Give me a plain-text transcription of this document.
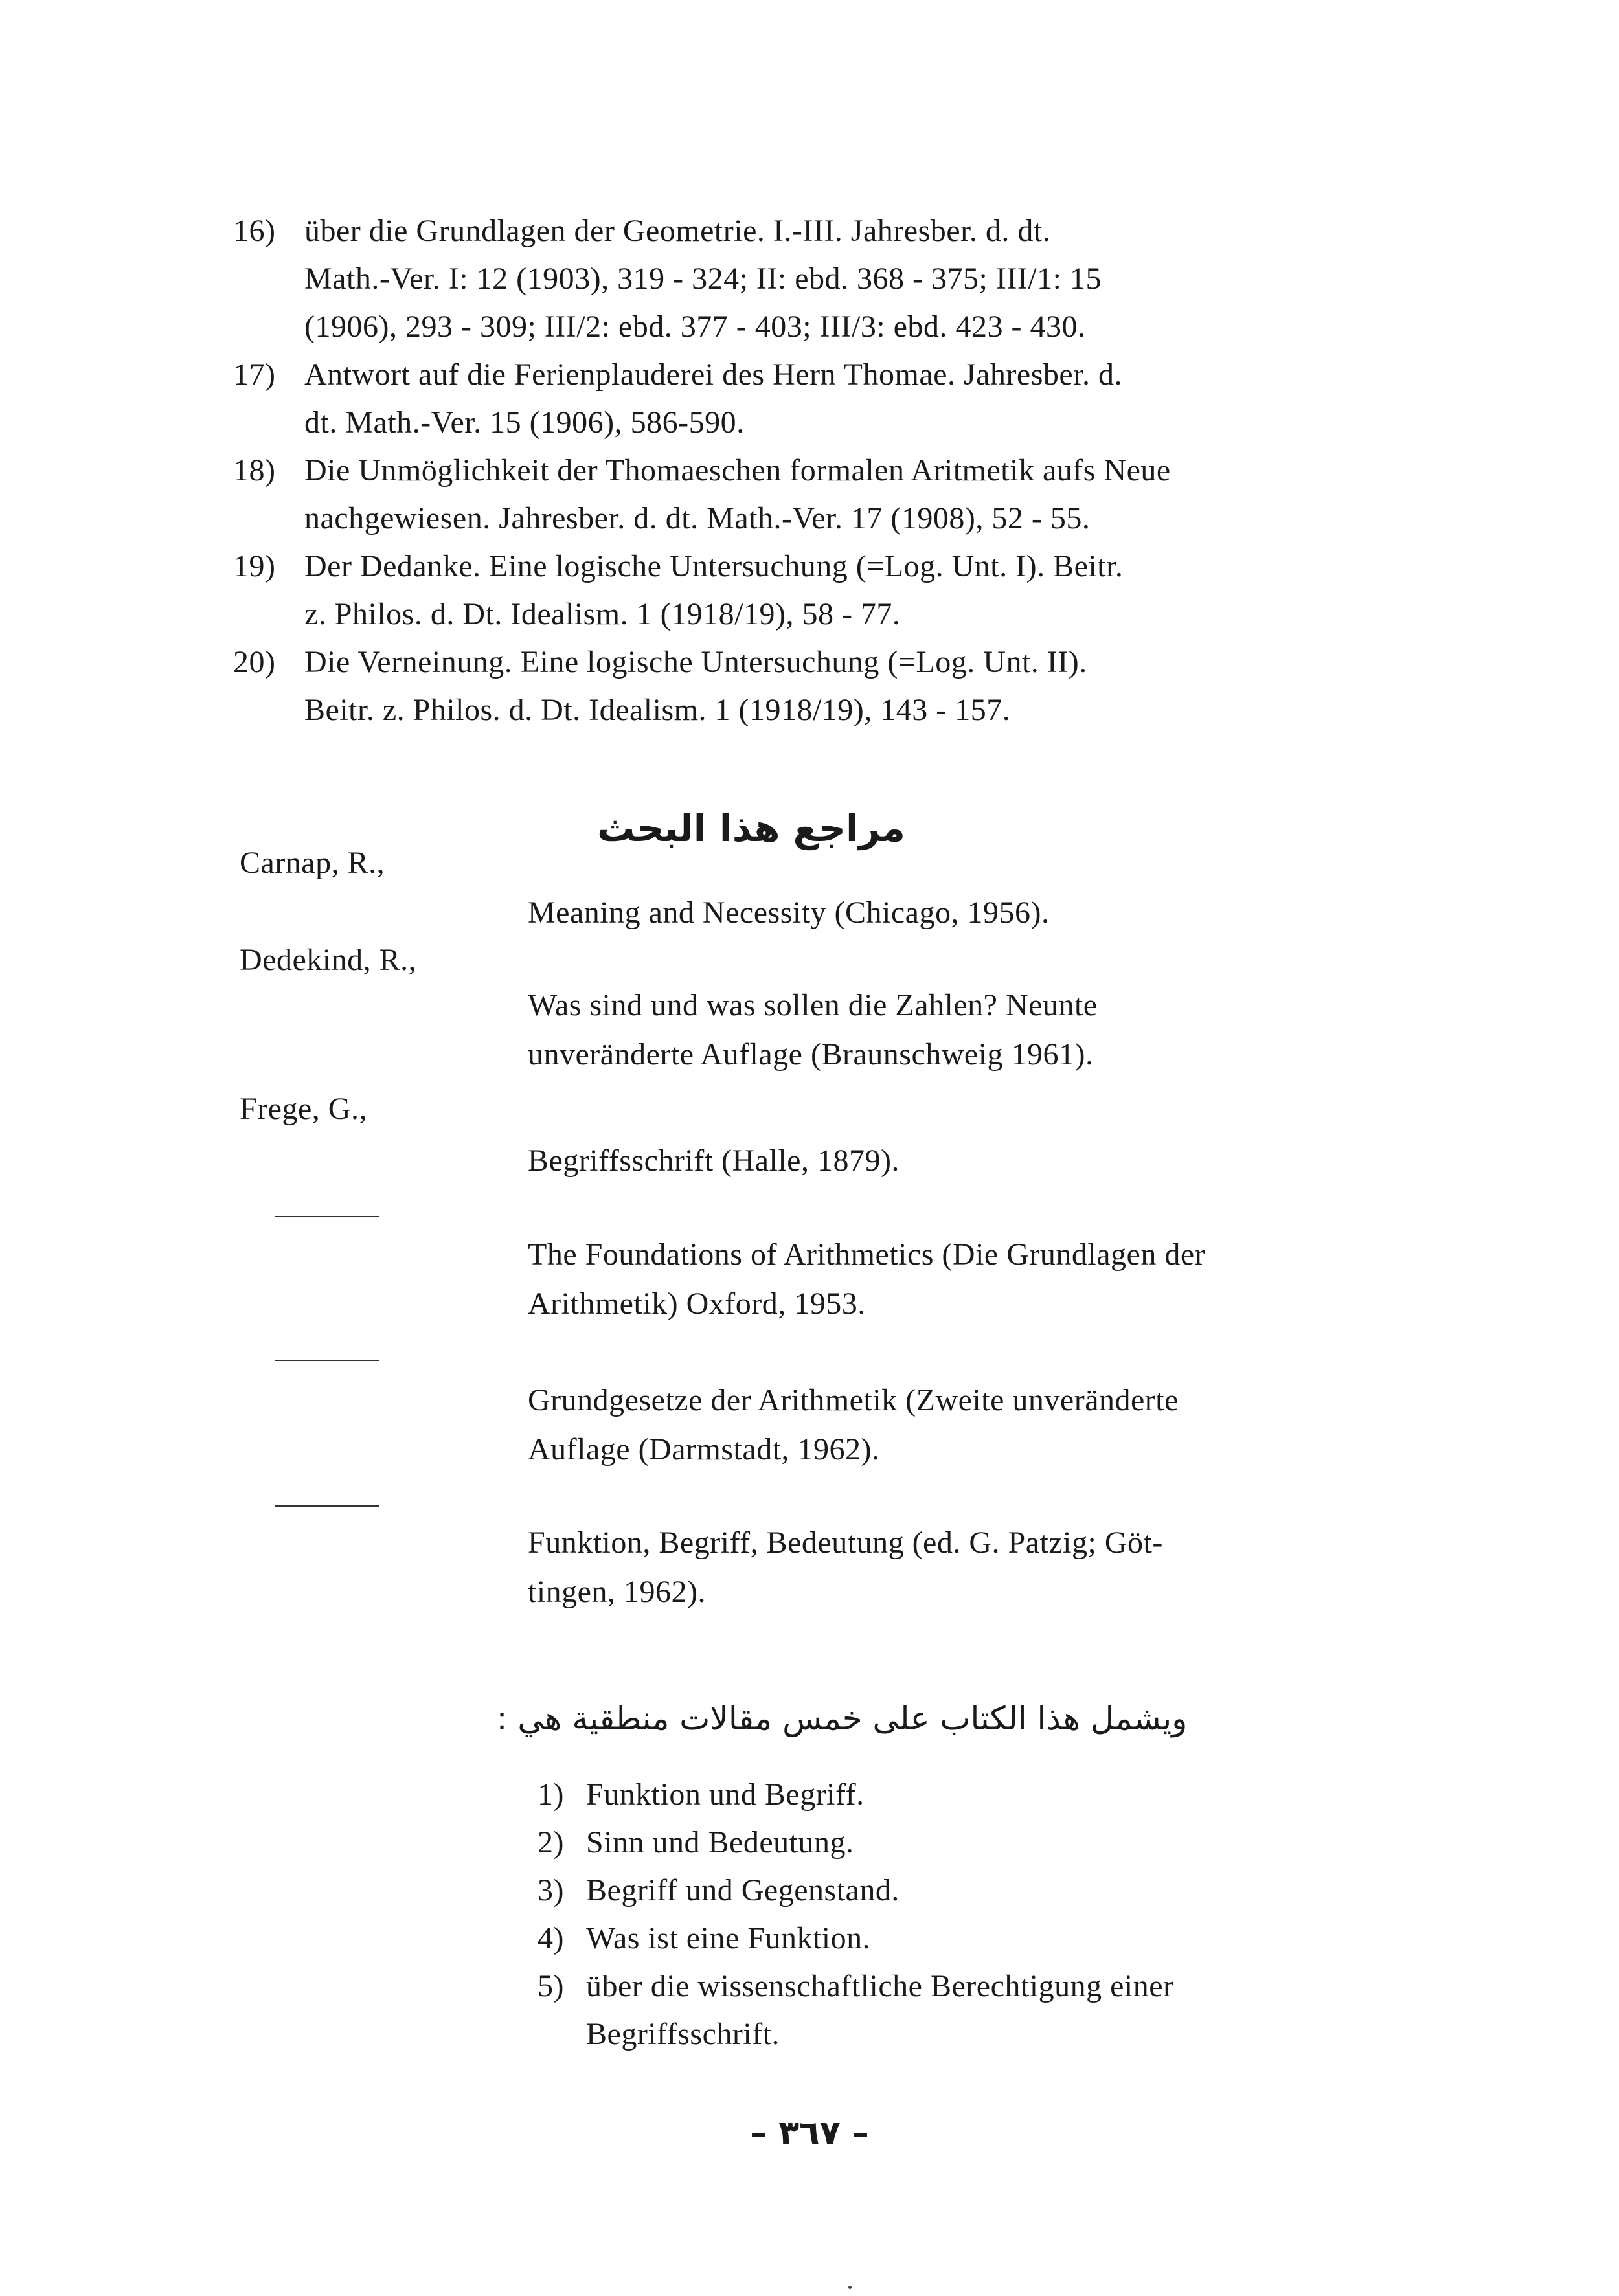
16) über die Grundlagen der Geometrie. I.-III. Jahresber. d. dt.
Math.-Ver. I: 12 (1903), 319 - 324; II: ebd. 368 - 375; III/1: 15
(1906), 293 - 309; III/2: ebd. 377 - 403; III/3: ebd. 423 - 430.
17) Antwort auf die Ferienplauderei des Hern Thomae. Jahresber. d.
dt. Math.-Ver. 15 (1906), 586-590.
18) Die Unmöglichkeit der Thomaeschen formalen Aritmetik aufs Neue
nachgewiesen. Jahresber. d. dt. Math.-Ver. 17 (1908), 52 - 55.
19) Der Dedanke. Eine logische Untersuchung (=Log. Unt. I). Beitr.
z. Philos. d. Dt. Idealism. 1 (1918/19), 58 - 77.
20) Die Verneinung. Eine logische Untersuchung (=Log. Unt. II).
Beitr. z. Philos. d. Dt. Idealism. 1 (1918/19), 143 - 157.
مراجع هذا البحث
Carnap, R.,
Meaning and Necessity (Chicago, 1956).
Dedekind, R.,
Was sind und was sollen die Zahlen? Neunte
unveränderte Auflage (Braunschweig 1961).
Frege, G.,
Begriffsschrift (Halle, 1879).
The Foundations of Arithmetics (Die Grundlagen der
Arithmetik) Oxford, 1953.
Grundgesetze der Arithmetik (Zweite unveränderte
Auflage (Darmstadt, 1962).
Funktion, Begriff, Bedeutung (ed. G. Patzig; Göt-
tingen, 1962).
ويشمل هذا الكتاب على خمس مقالات منطقية هي :
1) Funktion und Begriff.
2) Sinn und Bedeutung.
3) Begriff und Gegenstand.
4) Was ist eine Funktion.
5) über die wissenschaftliche Berechtigung einer
Begriffsschrift.
– ٣٦٧ –
